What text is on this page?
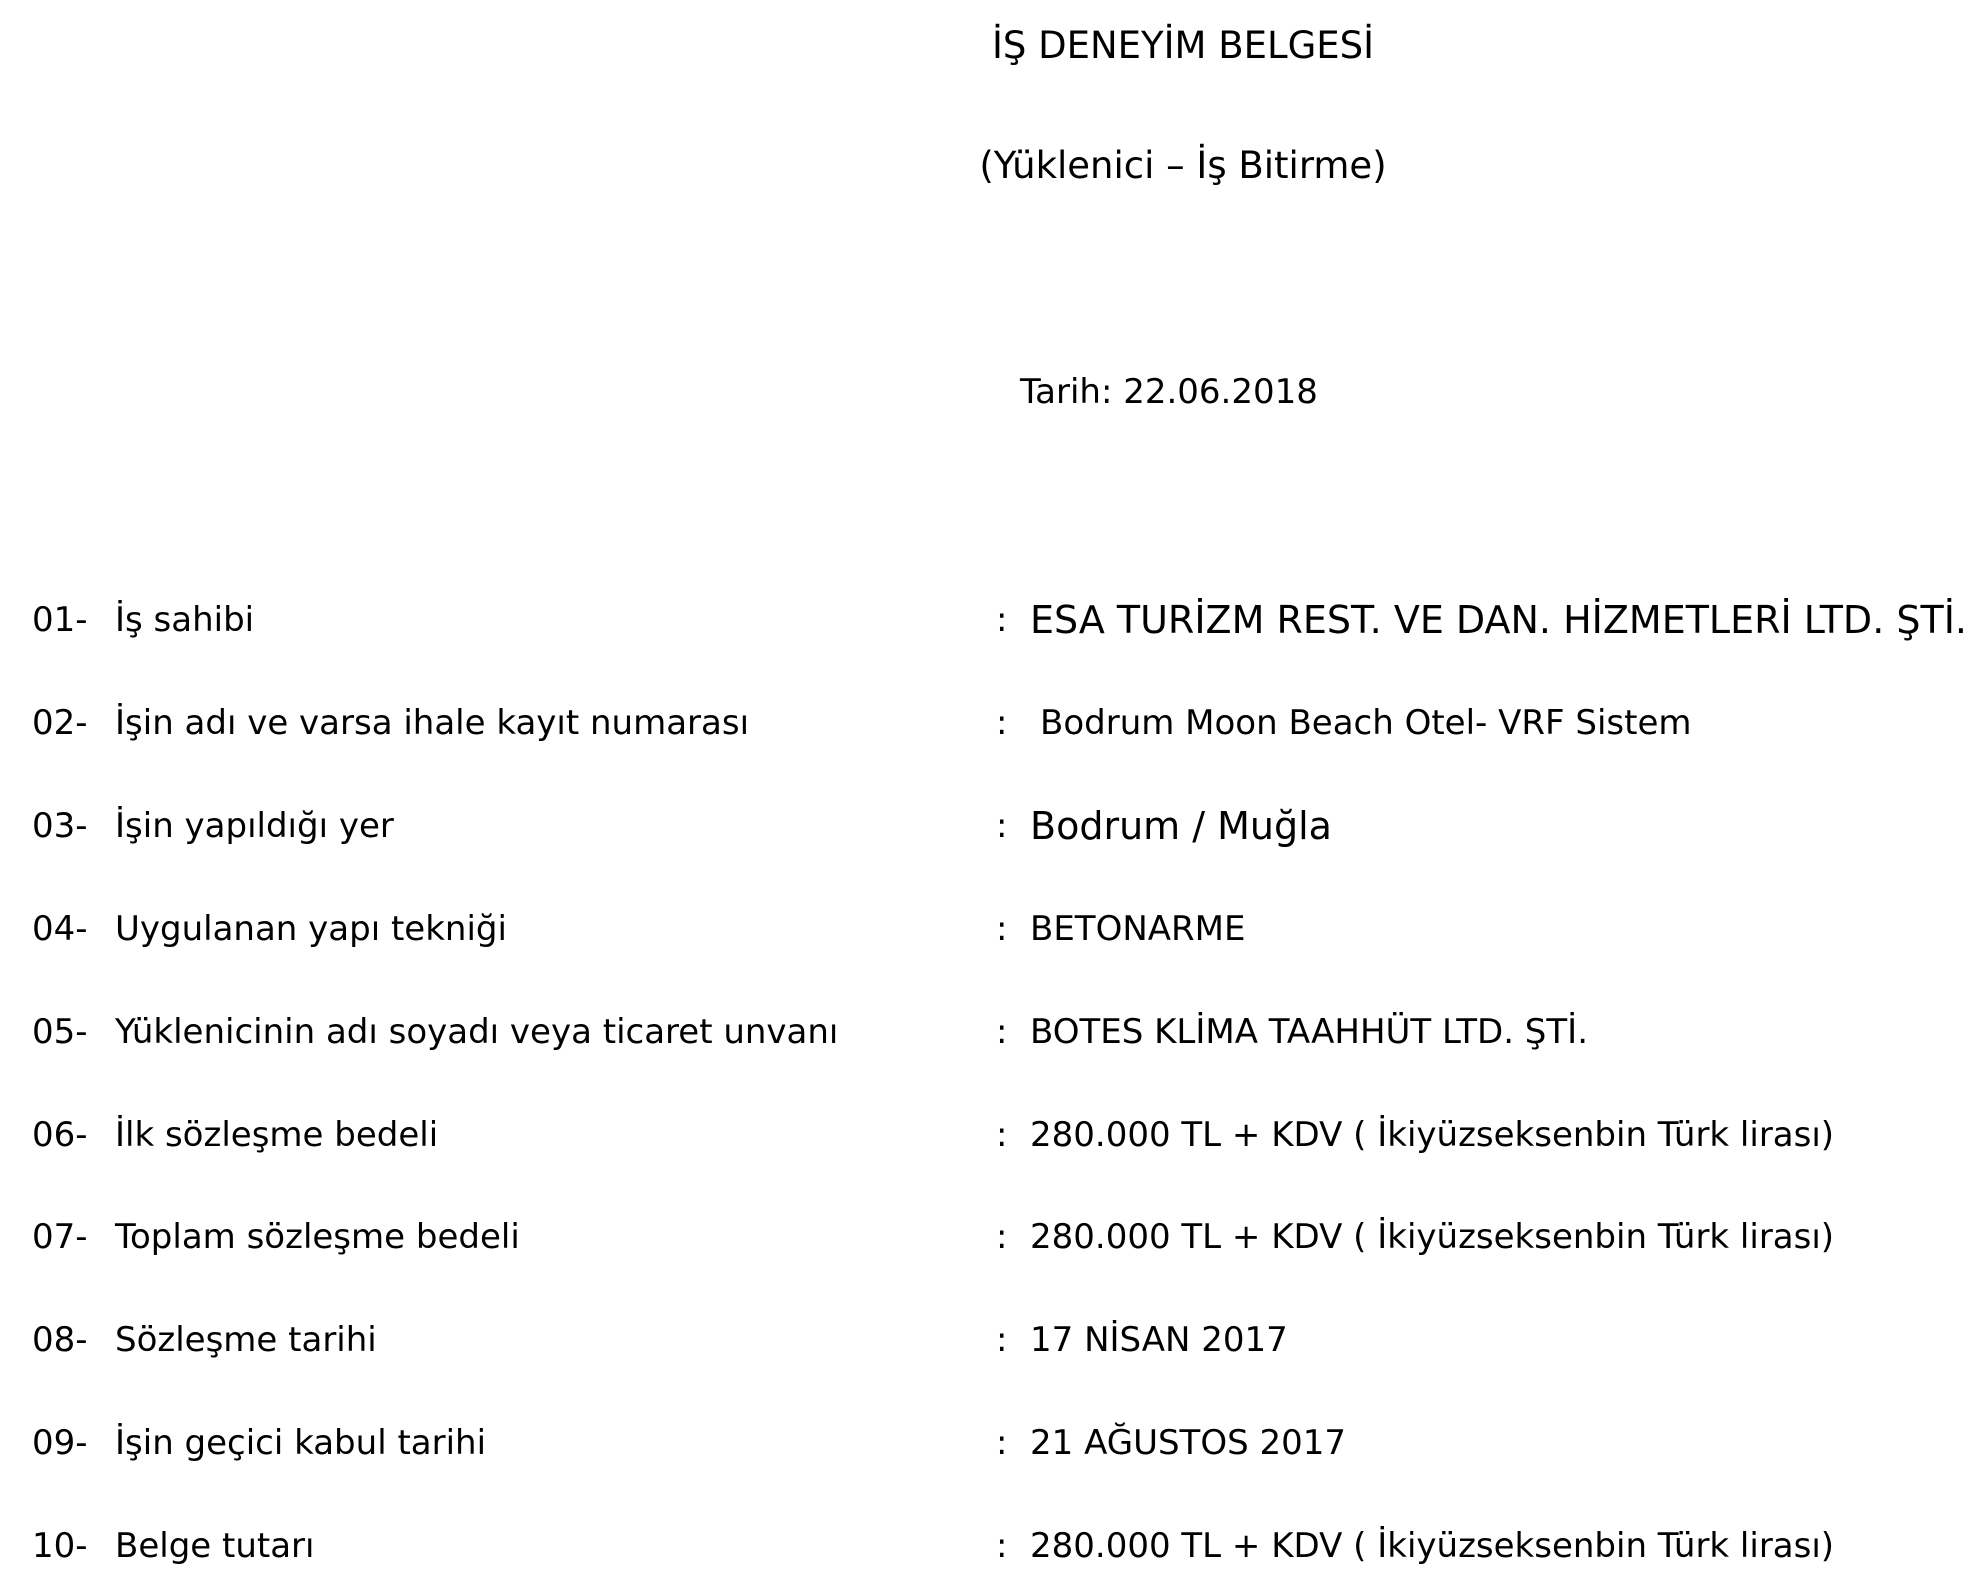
İŞ DENEYİM BELGESİ
(Yüklenici – İş Bitirme)
Tarih: 22.06.2018
01- İş sahibi	: ESA TURİZM REST. VE DAN. HİZMETLERİ LTD. ŞTİ.
02- İşin adı ve varsa ihale kayıt numarası	: Bodrum Moon Beach Otel- VRF Sistem
03- İşin yapıldığı yer	: Bodrum / Muğla
04- Uygulanan yapı tekniği	: BETONARME
05- Yüklenicinin adı soyadı veya ticaret unvanı	: BOTES KLİMA TAAHHÜT LTD. ŞTİ.
06- İlk sözleşme bedeli	: 280.000 TL + KDV ( İkiyüzseksenbin Türk lirası)
07- Toplam sözleşme bedeli	: 280.000 TL + KDV ( İkiyüzseksenbin Türk lirası)
08- Sözleşme tarihi	: 17 NİSAN 2017
09- İşin geçici kabul tarihi	: 21 AĞUSTOS 2017
10- Belge tutarı	: 280.000 TL + KDV ( İkiyüzseksenbin Türk lirası)
